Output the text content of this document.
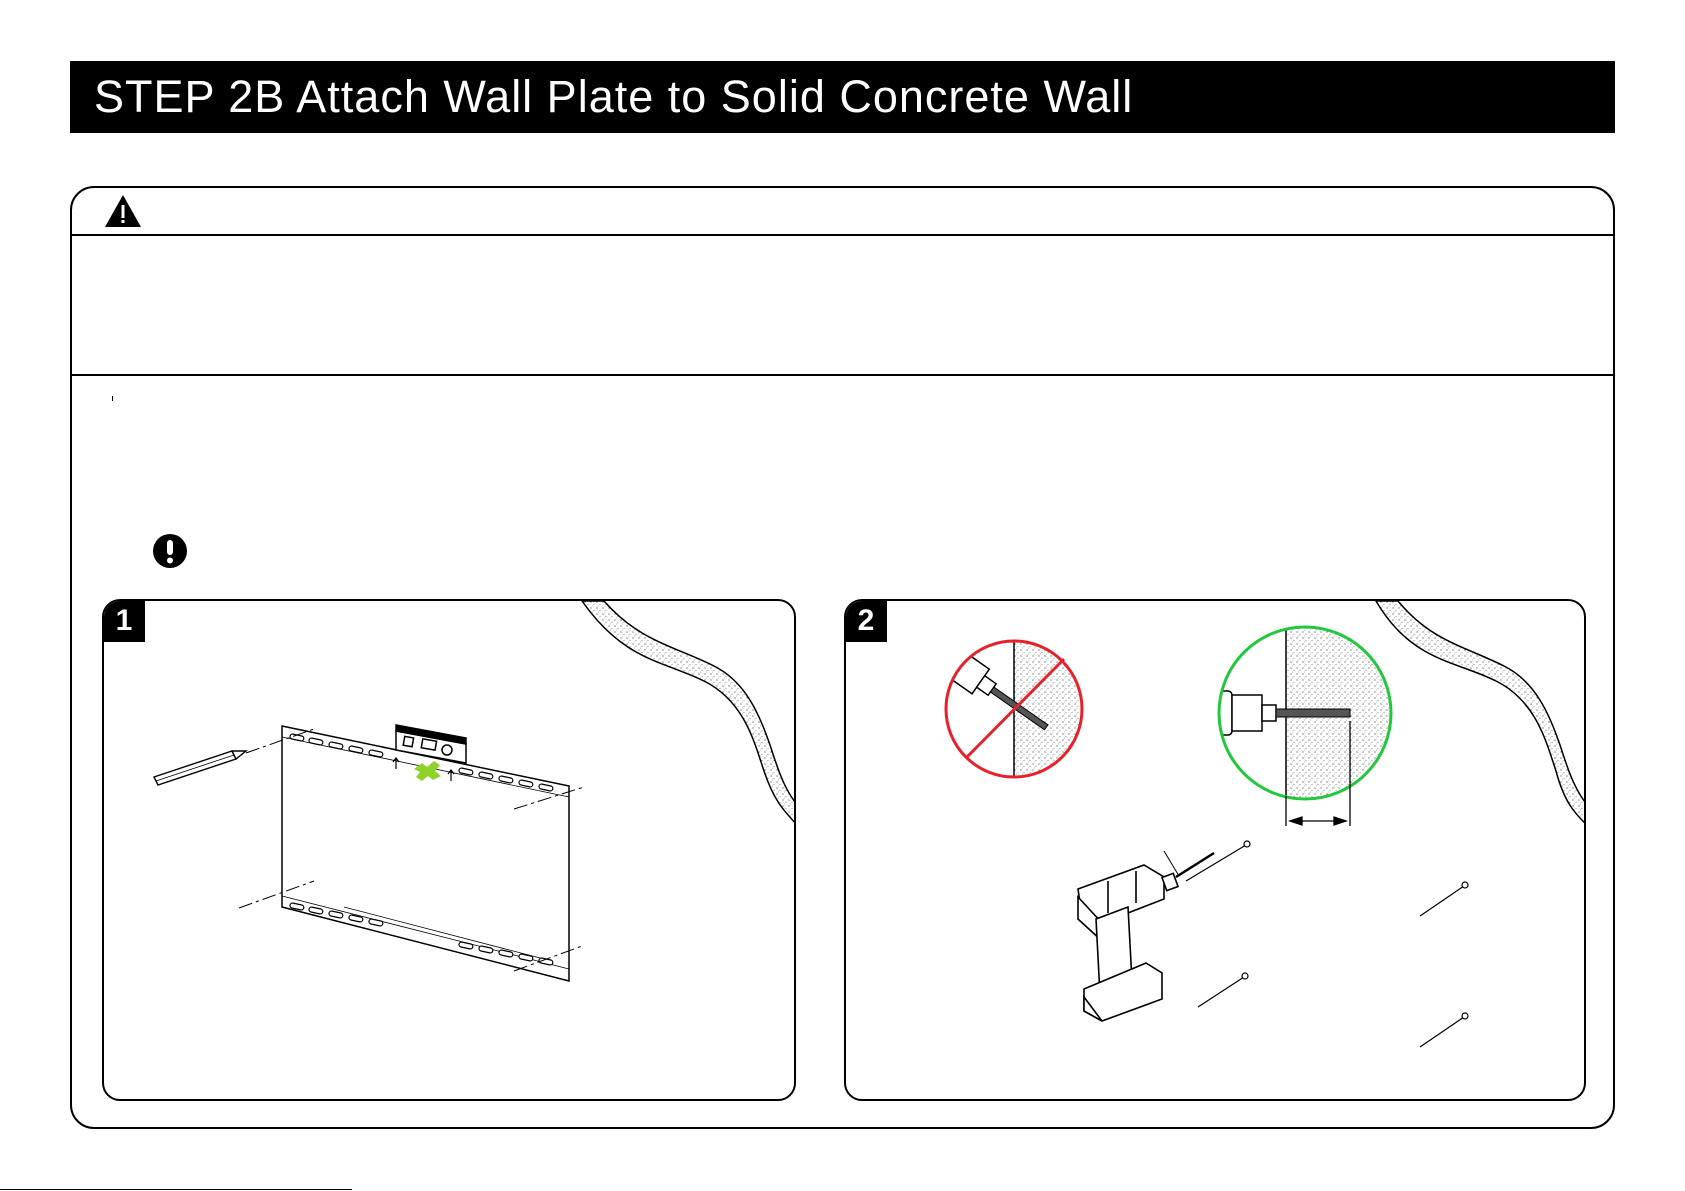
STEP 2B Attach Wall Plate to Solid Concrete Wall
1	2
